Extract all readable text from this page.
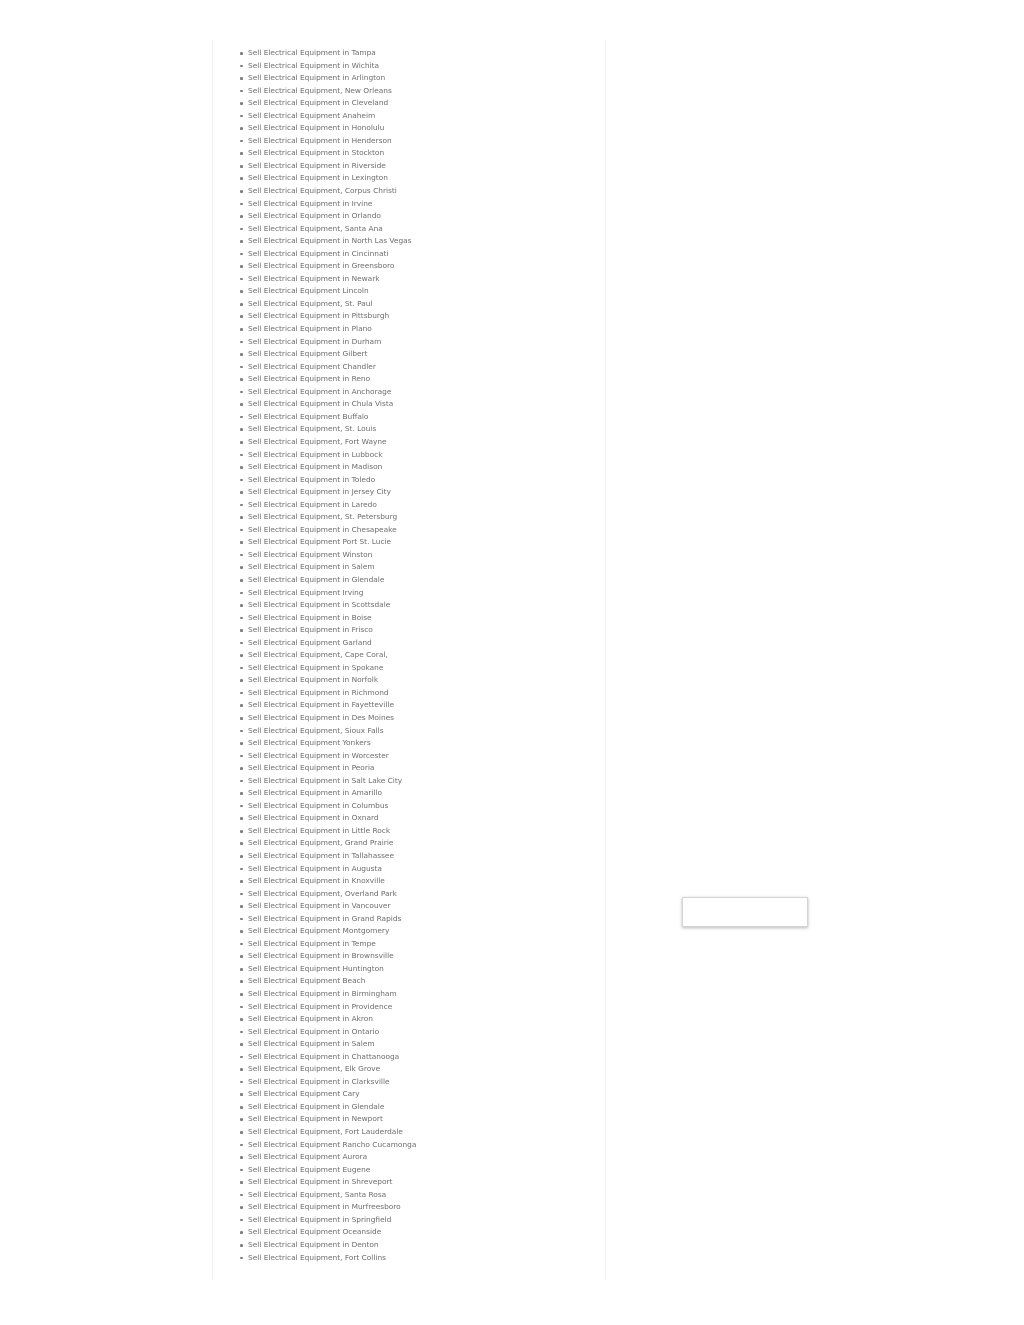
Sell Electrical Equipment in Tampa
Sell Electrical Equipment in Wichita
Sell Electrical Equipment in Arlington
Sell Electrical Equipment, New Orleans
Sell Electrical Equipment in Cleveland
Sell Electrical Equipment Anaheim
Sell Electrical Equipment in Honolulu
Sell Electrical Equipment in Henderson
Sell Electrical Equipment in Stockton
Sell Electrical Equipment in Riverside
Sell Electrical Equipment in Lexington
Sell Electrical Equipment, Corpus Christi
Sell Electrical Equipment in Irvine
Sell Electrical Equipment in Orlando
Sell Electrical Equipment, Santa Ana
Sell Electrical Equipment in North Las Vegas
Sell Electrical Equipment in Cincinnati
Sell Electrical Equipment in Greensboro
Sell Electrical Equipment in Newark
Sell Electrical Equipment Lincoln
Sell Electrical Equipment, St. Paul
Sell Electrical Equipment in Pittsburgh
Sell Electrical Equipment in Plano
Sell Electrical Equipment in Durham
Sell Electrical Equipment Gilbert
Sell Electrical Equipment Chandler
Sell Electrical Equipment in Reno
Sell Electrical Equipment in Anchorage
Sell Electrical Equipment in Chula Vista
Sell Electrical Equipment Buffalo
Sell Electrical Equipment, St. Louis
Sell Electrical Equipment, Fort Wayne
Sell Electrical Equipment in Lubbock
Sell Electrical Equipment in Madison
Sell Electrical Equipment in Toledo
Sell Electrical Equipment in Jersey City
Sell Electrical Equipment in Laredo
Sell Electrical Equipment, St. Petersburg
Sell Electrical Equipment in Chesapeake
Sell Electrical Equipment Port St. Lucie
Sell Electrical Equipment Winston
Sell Electrical Equipment in Salem
Sell Electrical Equipment in Glendale
Sell Electrical Equipment Irving
Sell Electrical Equipment in Scottsdale
Sell Electrical Equipment in Boise
Sell Electrical Equipment in Frisco
Sell Electrical Equipment Garland
Sell Electrical Equipment, Cape Coral,
Sell Electrical Equipment in Spokane
Sell Electrical Equipment in Norfolk
Sell Electrical Equipment in Richmond
Sell Electrical Equipment in Fayetteville
Sell Electrical Equipment in Des Moines
Sell Electrical Equipment, Sioux Falls
Sell Electrical Equipment Yonkers
Sell Electrical Equipment in Worcester
Sell Electrical Equipment in Peoria
Sell Electrical Equipment in Salt Lake City
Sell Electrical Equipment in Amarillo
Sell Electrical Equipment in Columbus
Sell Electrical Equipment in Oxnard
Sell Electrical Equipment in Little Rock
Sell Electrical Equipment, Grand Prairie
Sell Electrical Equipment in Tallahassee
Sell Electrical Equipment in Augusta
Sell Electrical Equipment in Knoxville
Sell Electrical Equipment, Overland Park
Sell Electrical Equipment in Vancouver
Sell Electrical Equipment in Grand Rapids
Sell Electrical Equipment Montgomery
Sell Electrical Equipment in Tempe
Sell Electrical Equipment in Brownsville
Sell Electrical Equipment Huntington
Sell Electrical Equipment Beach
Sell Electrical Equipment in Birmingham
Sell Electrical Equipment in Providence
Sell Electrical Equipment in Akron
Sell Electrical Equipment in Ontario
Sell Electrical Equipment in Salem
Sell Electrical Equipment in Chattanooga
Sell Electrical Equipment, Elk Grove
Sell Electrical Equipment in Clarksville
Sell Electrical Equipment Cary
Sell Electrical Equipment in Glendale
Sell Electrical Equipment in Newport
Sell Electrical Equipment, Fort Lauderdale
Sell Electrical Equipment Rancho Cucamonga
Sell Electrical Equipment Aurora
Sell Electrical Equipment Eugene
Sell Electrical Equipment in Shreveport
Sell Electrical Equipment, Santa Rosa
Sell Electrical Equipment in Murfreesboro
Sell Electrical Equipment in Springfield
Sell Electrical Equipment Oceanside
Sell Electrical Equipment in Denton
Sell Electrical Equipment, Fort Collins
